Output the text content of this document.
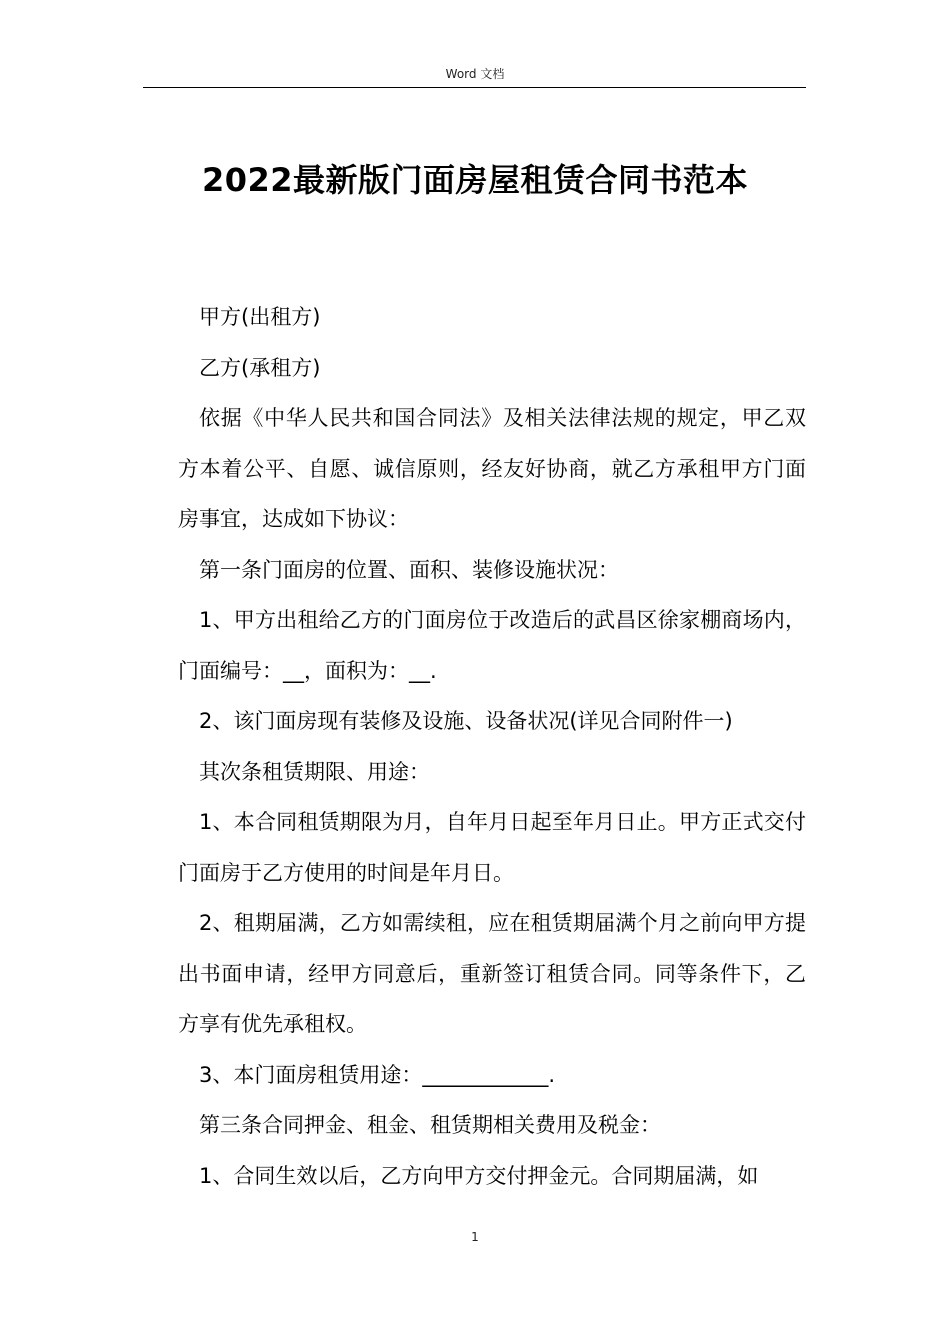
Word 文档
2022最新版门面房屋租赁合同书范本

甲方(出租方)

乙方(承租方)

依据《中华人民共和国合同法》及相关法律法规的规定，甲乙双方本着公平、自愿、诚信原则，经友好协商，就乙方承租甲方门面房事宜，达成如下协议：

第一条门面房的位置、面积、装修设施状况：

1、甲方出租给乙方的门面房位于改造后的武昌区徐家棚商场内，门面编号：__，面积为：__.

2、该门面房现有装修及设施、设备状况(详见合同附件一)

其次条租赁期限、用途：

1、本合同租赁期限为月，自年月日起至年月日止。甲方正式交付门面房于乙方使用的时间是年月日。

2、租期届满，乙方如需续租，应在租赁期届满个月之前向甲方提出书面申请，经甲方同意后，重新签订租赁合同。同等条件下，乙方享有优先承租权。

3、本门面房租赁用途：____________.

第三条合同押金、租金、租赁期相关费用及税金：

1、合同生效以后，乙方向甲方交付押金元。合同期届满，如

1
